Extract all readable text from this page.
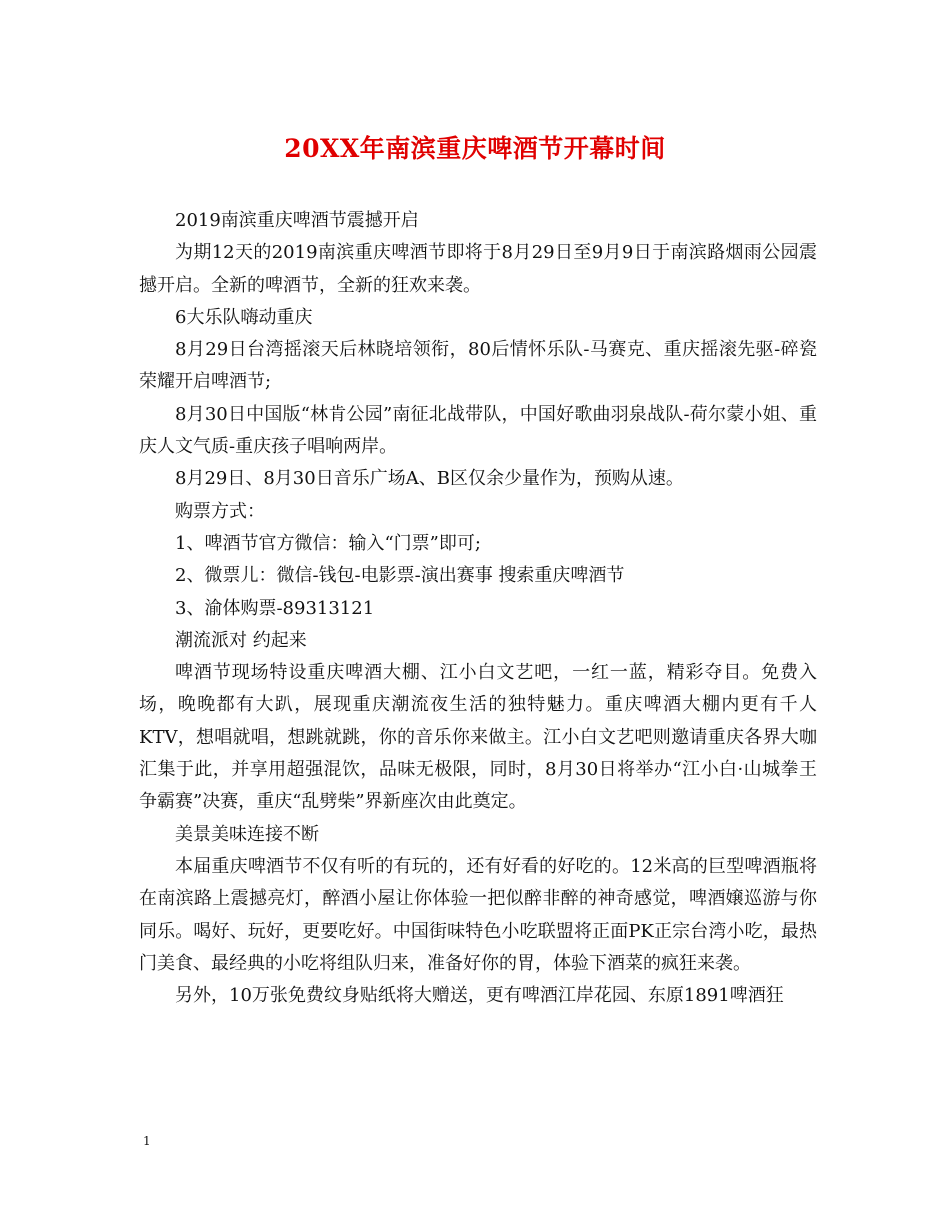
20XX年南滨重庆啤酒节开幕时间

2019南滨重庆啤酒节震撼开启

为期12天的2019南滨重庆啤酒节即将于8月29日至9月9日于南滨路烟雨公园震撼开启。全新的啤酒节，全新的狂欢来袭。

6大乐队嗨动重庆

8月29日台湾摇滚天后林晓培领衔，80后情怀乐队-马赛克、重庆摇滚先驱-碎瓷荣耀开启啤酒节;

8月30日中国版“林肯公园”南征北战带队，中国好歌曲羽泉战队-荷尔蒙小姐、重庆人文气质-重庆孩子唱响两岸。

8月29日、8月30日音乐广场A、B区仅余少量作为，预购从速。

购票方式：

1、啤酒节官方微信：输入“门票”即可;

2、微票儿：微信-钱包-电影票-演出赛事 搜索重庆啤酒节

3、渝体购票-89313121

潮流派对 约起来

啤酒节现场特设重庆啤酒大棚、江小白文艺吧，一红一蓝，精彩夺目。免费入场，晚晚都有大趴，展现重庆潮流夜生活的独特魅力。重庆啤酒大棚内更有千人KTV，想唱就唱，想跳就跳，你的音乐你来做主。江小白文艺吧则邀请重庆各界大咖汇集于此，并享用超强混饮，品味无极限，同时，8月30日将举办“江小白·山城拳王争霸赛”决赛，重庆“乱劈柴”界新座次由此奠定。

美景美味连接不断

本届重庆啤酒节不仅有听的有玩的，还有好看的好吃的。12米高的巨型啤酒瓶将在南滨路上震撼亮灯，醉酒小屋让你体验一把似醉非醉的神奇感觉，啤酒嬢巡游与你同乐。喝好、玩好，更要吃好。中国街味特色小吃联盟将正面PK正宗台湾小吃，最热门美食、最经典的小吃将组队归来，准备好你的胃，体验下酒菜的疯狂来袭。

另外，10万张免费纹身贴纸将大赠送，更有啤酒江岸花园、东原1891啤酒狂

1
